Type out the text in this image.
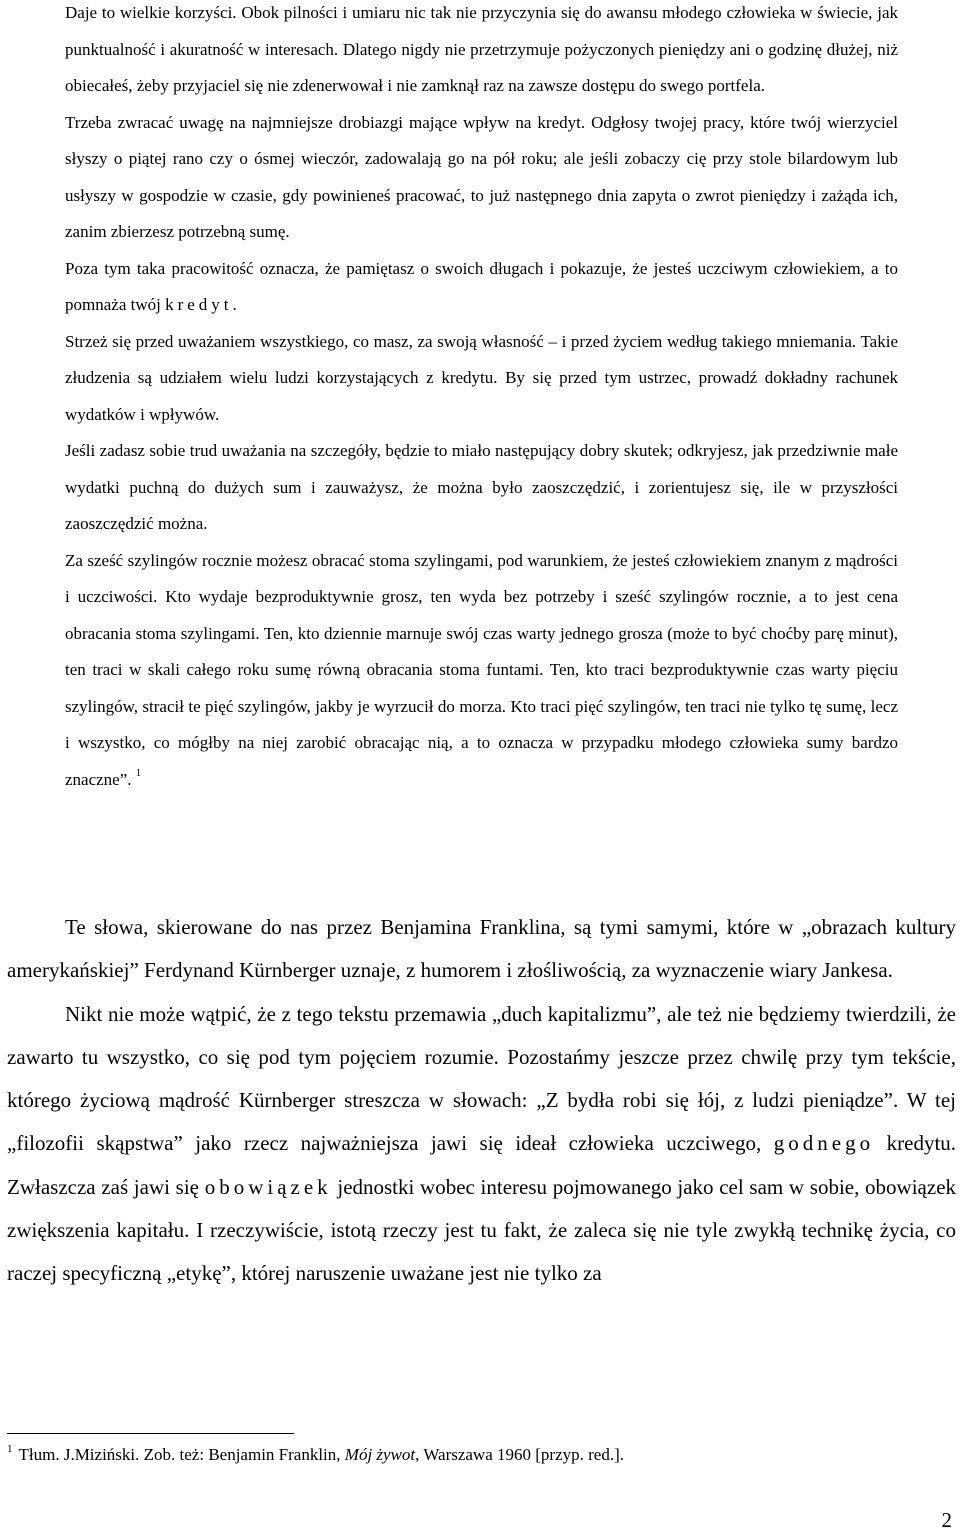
Daje to wielkie korzyści. Obok pilności i umiaru nic tak nie przyczynia się do awansu młodego człowieka w świecie, jak punktualność i akuratność w interesach. Dlatego nigdy nie przetrzymuje pożyczonych pieniędzy ani o godzinę dłużej, niż obiecałeś, żeby przyjaciel się nie zdenerwował i nie zamknął raz na zawsze dostępu do swego portfela.

Trzeba zwracać uwagę na najmniejsze drobiazgi mające wpływ na kredyt. Odgłosy twojej pracy, które twój wierzyciel słyszy o piątej rano czy o ósmej wieczór, zadowalają go na pół roku; ale jeśli zobaczy cię przy stole bilardowym lub usłyszy w gospodzie w czasie, gdy powinieneś pracować, to już następnego dnia zapyta o zwrot pieniędzy i zażąda ich, zanim zbierzesz potrzebną sumę.

Poza tym taka pracowitość oznacza, że pamiętasz o swoich długach i pokazuje, że jesteś uczciwym człowiekiem, a to pomnaża twój kredyt.

Strzeż się przed uważaniem wszystkiego, co masz, za swoją własność – i przed życiem według takiego mniemania. Takie złudzenia są udziałem wielu ludzi korzystających z kredytu. By się przed tym ustrzec, prowadź dokładny rachunek wydatków i wpływów.

Jeśli zadasz sobie trud uważania na szczegóły, będzie to miało następujący dobry skutek; odkryjesz, jak przedziwnie małe wydatki puchną do dużych sum i zauważysz, że można było zaoszczędzić, i zorientujesz się, ile w przyszłości zaoszczędzić można.

Za sześć szylingów rocznie możesz obracać stoma szylingami, pod warunkiem, że jesteś człowiekiem znanym z mądrości i uczciwości. Kto wydaje bezproduktywnie grosz, ten wyda bez potrzeby i sześć szylingów rocznie, a to jest cena obracania stoma szylingami. Ten, kto dziennie marnuje swój czas warty jednego grosza (może to być choćby parę minut), ten traci w skali całego roku sumę równą obracania stoma funtami. Ten, kto traci bezproduktywnie czas warty pięciu szylingów, stracił te pięć szylingów, jakby je wyrzucił do morza. Kto traci pięć szylingów, ten traci nie tylko tę sumę, lecz i wszystko, co mógłby na niej zarobić obracając nią, a to oznacza w przypadku młodego człowieka sumy bardzo znaczne”. $^1$

Te słowa, skierowane do nas przez Benjamina Franklina, są tymi samymi, które w „obrazach kultury amerykańskiej” Ferdynand Kürnberger uznaje, z humorem i złośliwością, za wyznaczenie wiary Jankesa.

Nikt nie może wątpić, że z tego tekstu przemawia „duch kapitalizmu”, ale też nie będziemy twierdzili, że zawarto tu wszystko, co się pod tym pojęciem rozumie. Pozostańmy jeszcze przez chwilę przy tym tekście, którego życiową mądrość Kürnberger streszcza w słowach: „Z bydła robi się łój, z ludzi pieniądze”. W tej „filozofii skąpstwa” jako rzecz najważniejsza jawi się ideał człowieka uczciwego, godnego kredytu. Zwłaszcza zaś jawi się obowiązek jednostki wobec interesu pojmowanego jako cel sam w sobie, obowiązek zwiększenia kapitału. I rzeczywiście, istotą rzeczy jest tu fakt, że zaleca się nie tyle zwykłą technikę życia, co raczej specyficzną „etykę”, której naruszenie uważane jest nie tylko za

$^1$ Tłum. J.Miziński. Zob. też: Benjamin Franklin, Mój żywot, Warszawa 1960 [przyp. red.].
2
